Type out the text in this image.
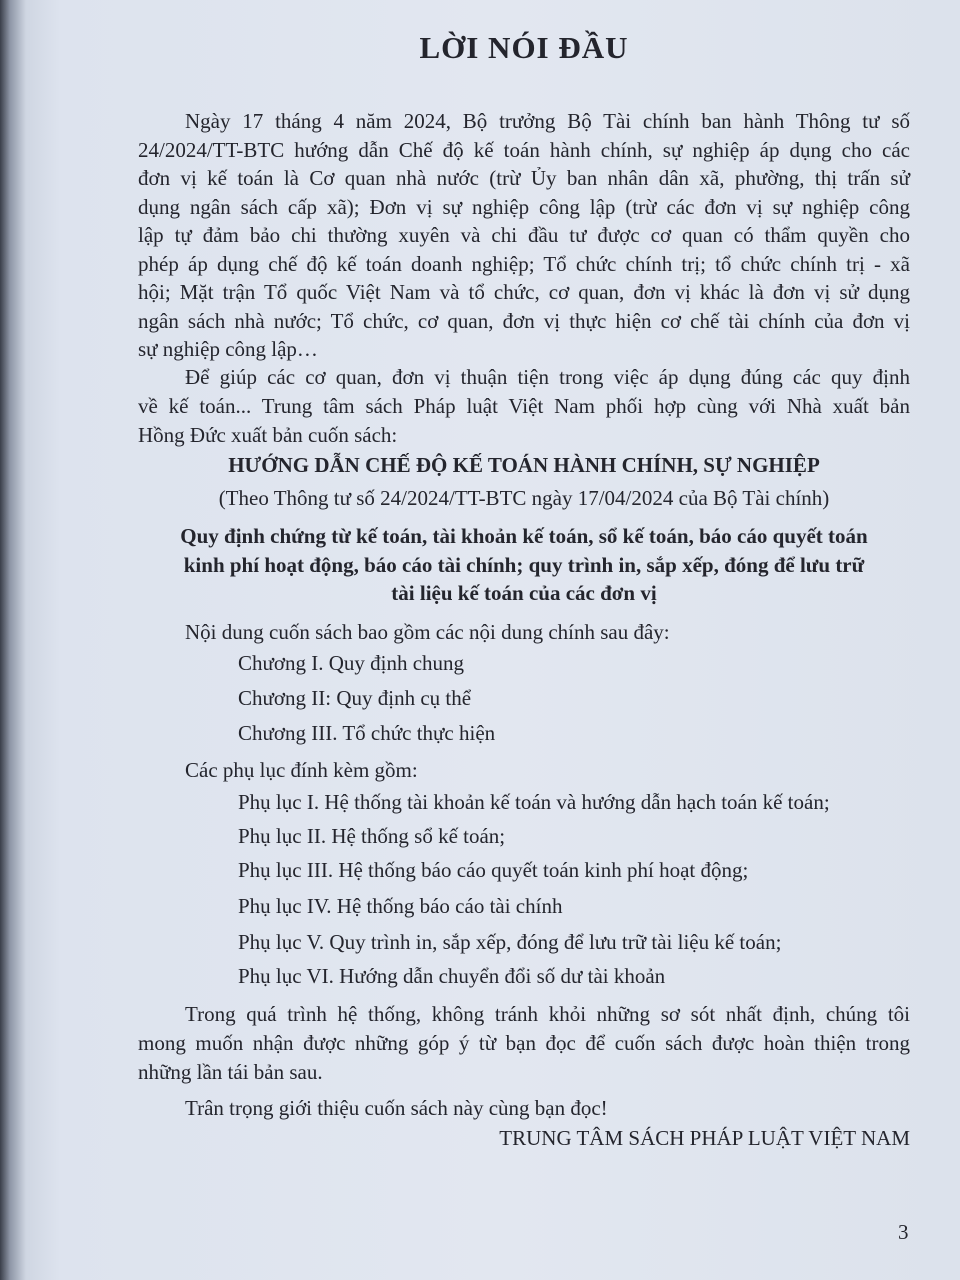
LỜI NÓI ĐẦU
Ngày 17 tháng 4 năm 2024, Bộ trưởng Bộ Tài chính ban hành Thông tư số
24/2024/TT-BTC hướng dẫn Chế độ kế toán hành chính, sự nghiệp áp dụng cho các
đơn vị kế toán là Cơ quan nhà nước (trừ Ủy ban nhân dân xã, phường, thị trấn sử
dụng ngân sách cấp xã); Đơn vị sự nghiệp công lập (trừ các đơn vị sự nghiệp công
lập tự đảm bảo chi thường xuyên và chi đầu tư được cơ quan có thẩm quyền cho
phép áp dụng chế độ kế toán doanh nghiệp; Tổ chức chính trị; tổ chức chính trị - xã
hội; Mặt trận Tổ quốc Việt Nam và tổ chức, cơ quan, đơn vị khác là đơn vị sử dụng
ngân sách nhà nước; Tổ chức, cơ quan, đơn vị thực hiện cơ chế tài chính của đơn vị
sự nghiệp công lập…
Để giúp các cơ quan, đơn vị thuận tiện trong việc áp dụng đúng các quy định
về kế toán... Trung tâm sách Pháp luật Việt Nam phối hợp cùng với Nhà xuất bản
Hồng Đức xuất bản cuốn sách:
HƯỚNG DẪN CHẾ ĐỘ KẾ TOÁN HÀNH CHÍNH, SỰ NGHIỆP
(Theo Thông tư số 24/2024/TT-BTC ngày 17/04/2024 của Bộ Tài chính)
Quy định chứng từ kế toán, tài khoản kế toán, sổ kế toán, báo cáo quyết toán
kinh phí hoạt động, báo cáo tài chính; quy trình in, sắp xếp, đóng để lưu trữ
tài liệu kế toán của các đơn vị
Nội dung cuốn sách bao gồm các nội dung chính sau đây:
Chương I. Quy định chung
Chương II: Quy định cụ thể
Chương III. Tổ chức thực hiện
Các phụ lục đính kèm gồm:
Phụ lục I. Hệ thống tài khoản kế toán và hướng dẫn hạch toán kế toán;
Phụ lục II. Hệ thống sổ kế toán;
Phụ lục III. Hệ thống báo cáo quyết toán kinh phí hoạt động;
Phụ lục IV. Hệ thống báo cáo tài chính
Phụ lục V. Quy trình in, sắp xếp, đóng để lưu trữ tài liệu kế toán;
Phụ lục VI. Hướng dẫn chuyển đổi số dư tài khoản
Trong quá trình hệ thống, không tránh khỏi những sơ sót nhất định, chúng tôi
mong muốn nhận được những góp ý từ bạn đọc để cuốn sách được hoàn thiện trong
những lần tái bản sau.
Trân trọng giới thiệu cuốn sách này cùng bạn đọc!
TRUNG TÂM SÁCH PHÁP LUẬT VIỆT NAM
3
